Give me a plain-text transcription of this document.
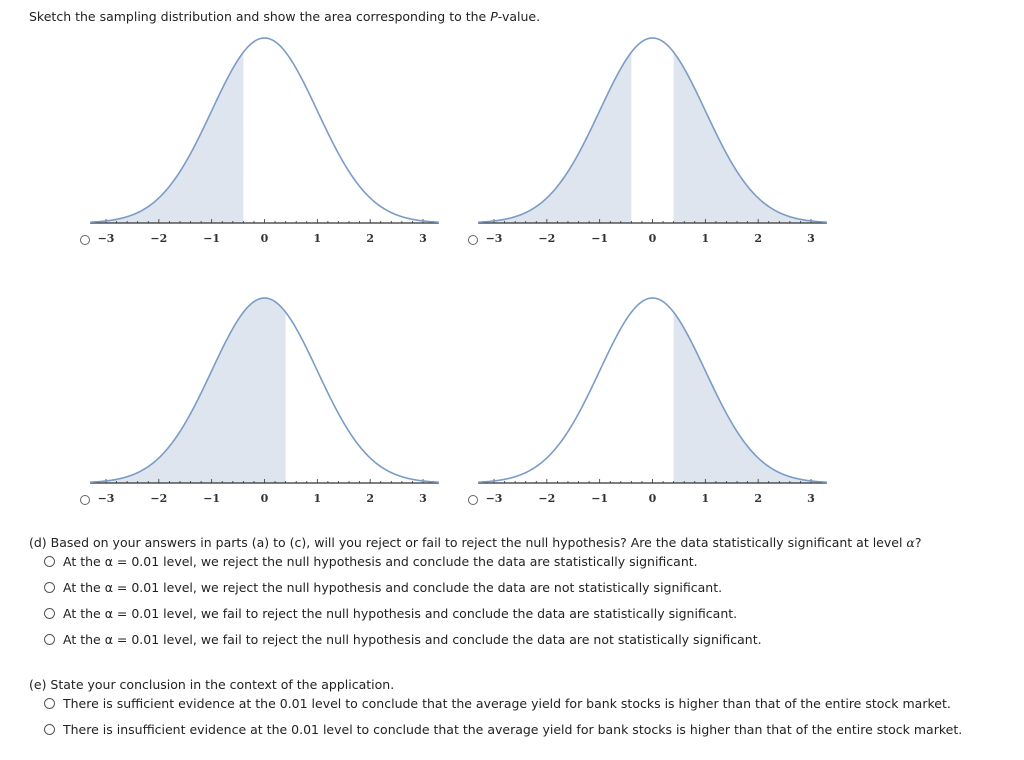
Sketch the sampling distribution and show the area corresponding to the P-value.
−3	−2	−1	0	1	2	3	−3	−2	−1	0	1	2	3
−3	−2	−1	0	1	2	3	−3	−2	−1	0	1	2	3
(d) Based on your answers in parts (a) to (c), will you reject or fail to reject the null hypothesis? Are the data statistically significant at level α?
At the α = 0.01 level, we reject the null hypothesis and conclude the data are statistically significant.
At the α = 0.01 level, we reject the null hypothesis and conclude the data are not statistically significant.
At the α = 0.01 level, we fail to reject the null hypothesis and conclude the data are statistically significant.
At the α = 0.01 level, we fail to reject the null hypothesis and conclude the data are not statistically significant.
(e) State your conclusion in the context of the application.
There is sufficient evidence at the 0.01 level to conclude that the average yield for bank stocks is higher than that of the entire stock market.
There is insufficient evidence at the 0.01 level to conclude that the average yield for bank stocks is higher than that of the entire stock market.
